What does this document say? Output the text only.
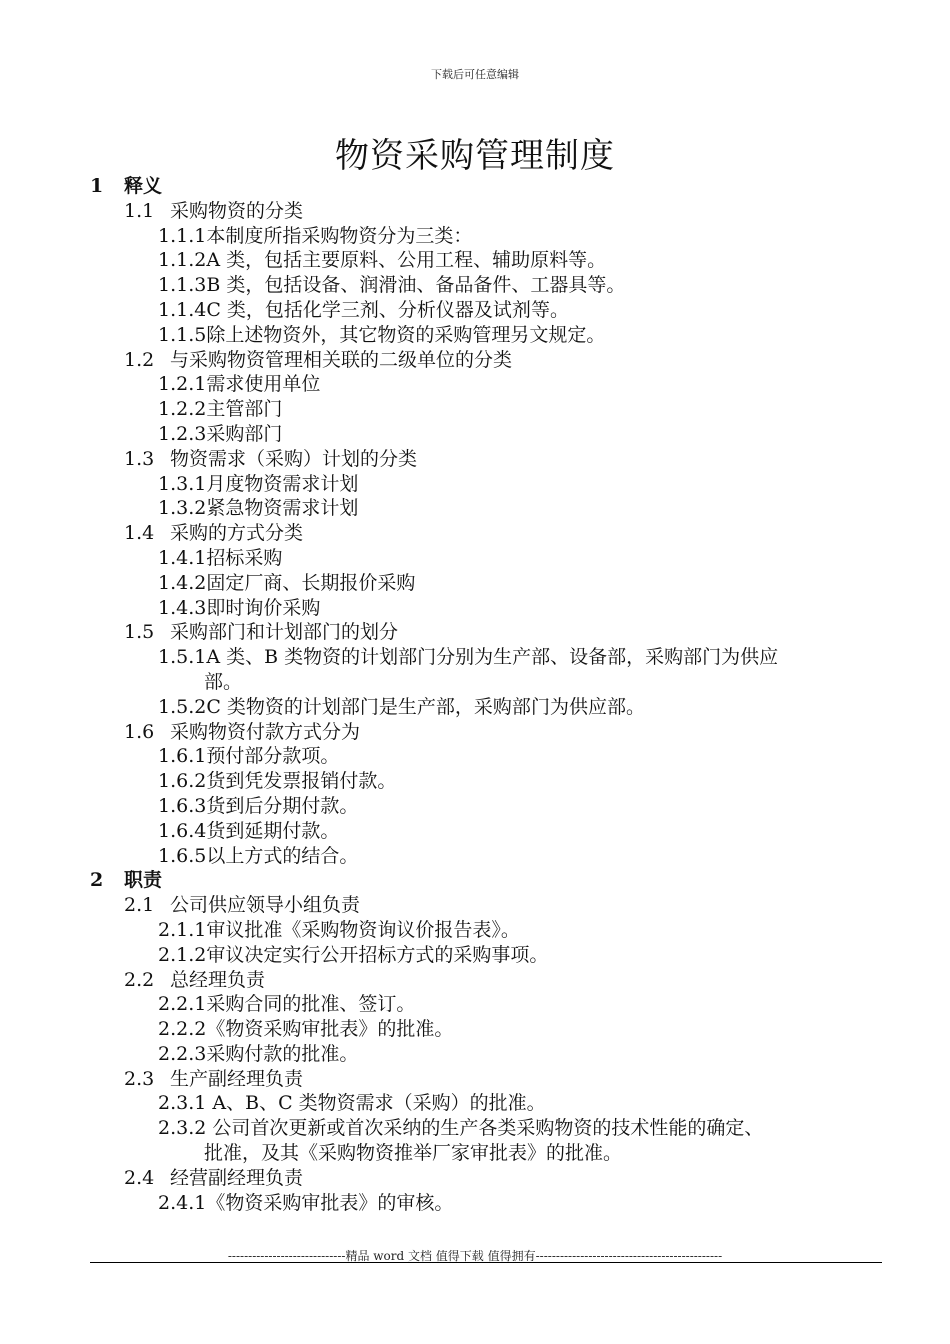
下载后可任意编辑
物资采购管理制度
1 释义
1.1 采购物资的分类
1.1.1本制度所指采购物资分为三类：
1.1.2A 类，包括主要原料、公用工程、辅助原料等。
1.1.3B 类，包括设备、润滑油、备品备件、工器具等。
1.1.4C 类，包括化学三剂、分析仪器及试剂等。
1.1.5除上述物资外，其它物资的采购管理另文规定。
1.2 与采购物资管理相关联的二级单位的分类
1.2.1需求使用单位
1.2.2主管部门
1.2.3采购部门
1.3 物资需求（采购）计划的分类
1.3.1月度物资需求计划
1.3.2紧急物资需求计划
1.4 采购的方式分类
1.4.1招标采购
1.4.2固定厂商、长期报价采购
1.4.3即时询价采购
1.5 采购部门和计划部门的划分
1.5.1A 类、B 类物资的计划部门分别为生产部、设备部，采购部门为供应
部。
1.5.2C 类物资的计划部门是生产部，采购部门为供应部。
1.6 采购物资付款方式分为
1.6.1预付部分款项。
1.6.2货到凭发票报销付款。
1.6.3货到后分期付款。
1.6.4货到延期付款。
1.6.5以上方式的结合。
2 职责
2.1 公司供应领导小组负责
2.1.1审议批准《采购物资询议价报告表》。
2.1.2审议决定实行公开招标方式的采购事项。
2.2 总经理负责
2.2.1采购合同的批准、签订。
2.2.2《物资采购审批表》的批准。
2.2.3采购付款的批准。
2.3 生产副经理负责
2.3.1 A、B、C 类物资需求（采购）的批准。
2.3.2 公司首次更新或首次采纳的生产各类采购物资的技术性能的确定、
批准，及其《采购物资推举厂家审批表》的批准。
2.4 经营副经理负责
2.4.1《物资采购审批表》的审核。
-----------------------------精品 word 文档 值得下载 值得拥有----------------------------------------------
